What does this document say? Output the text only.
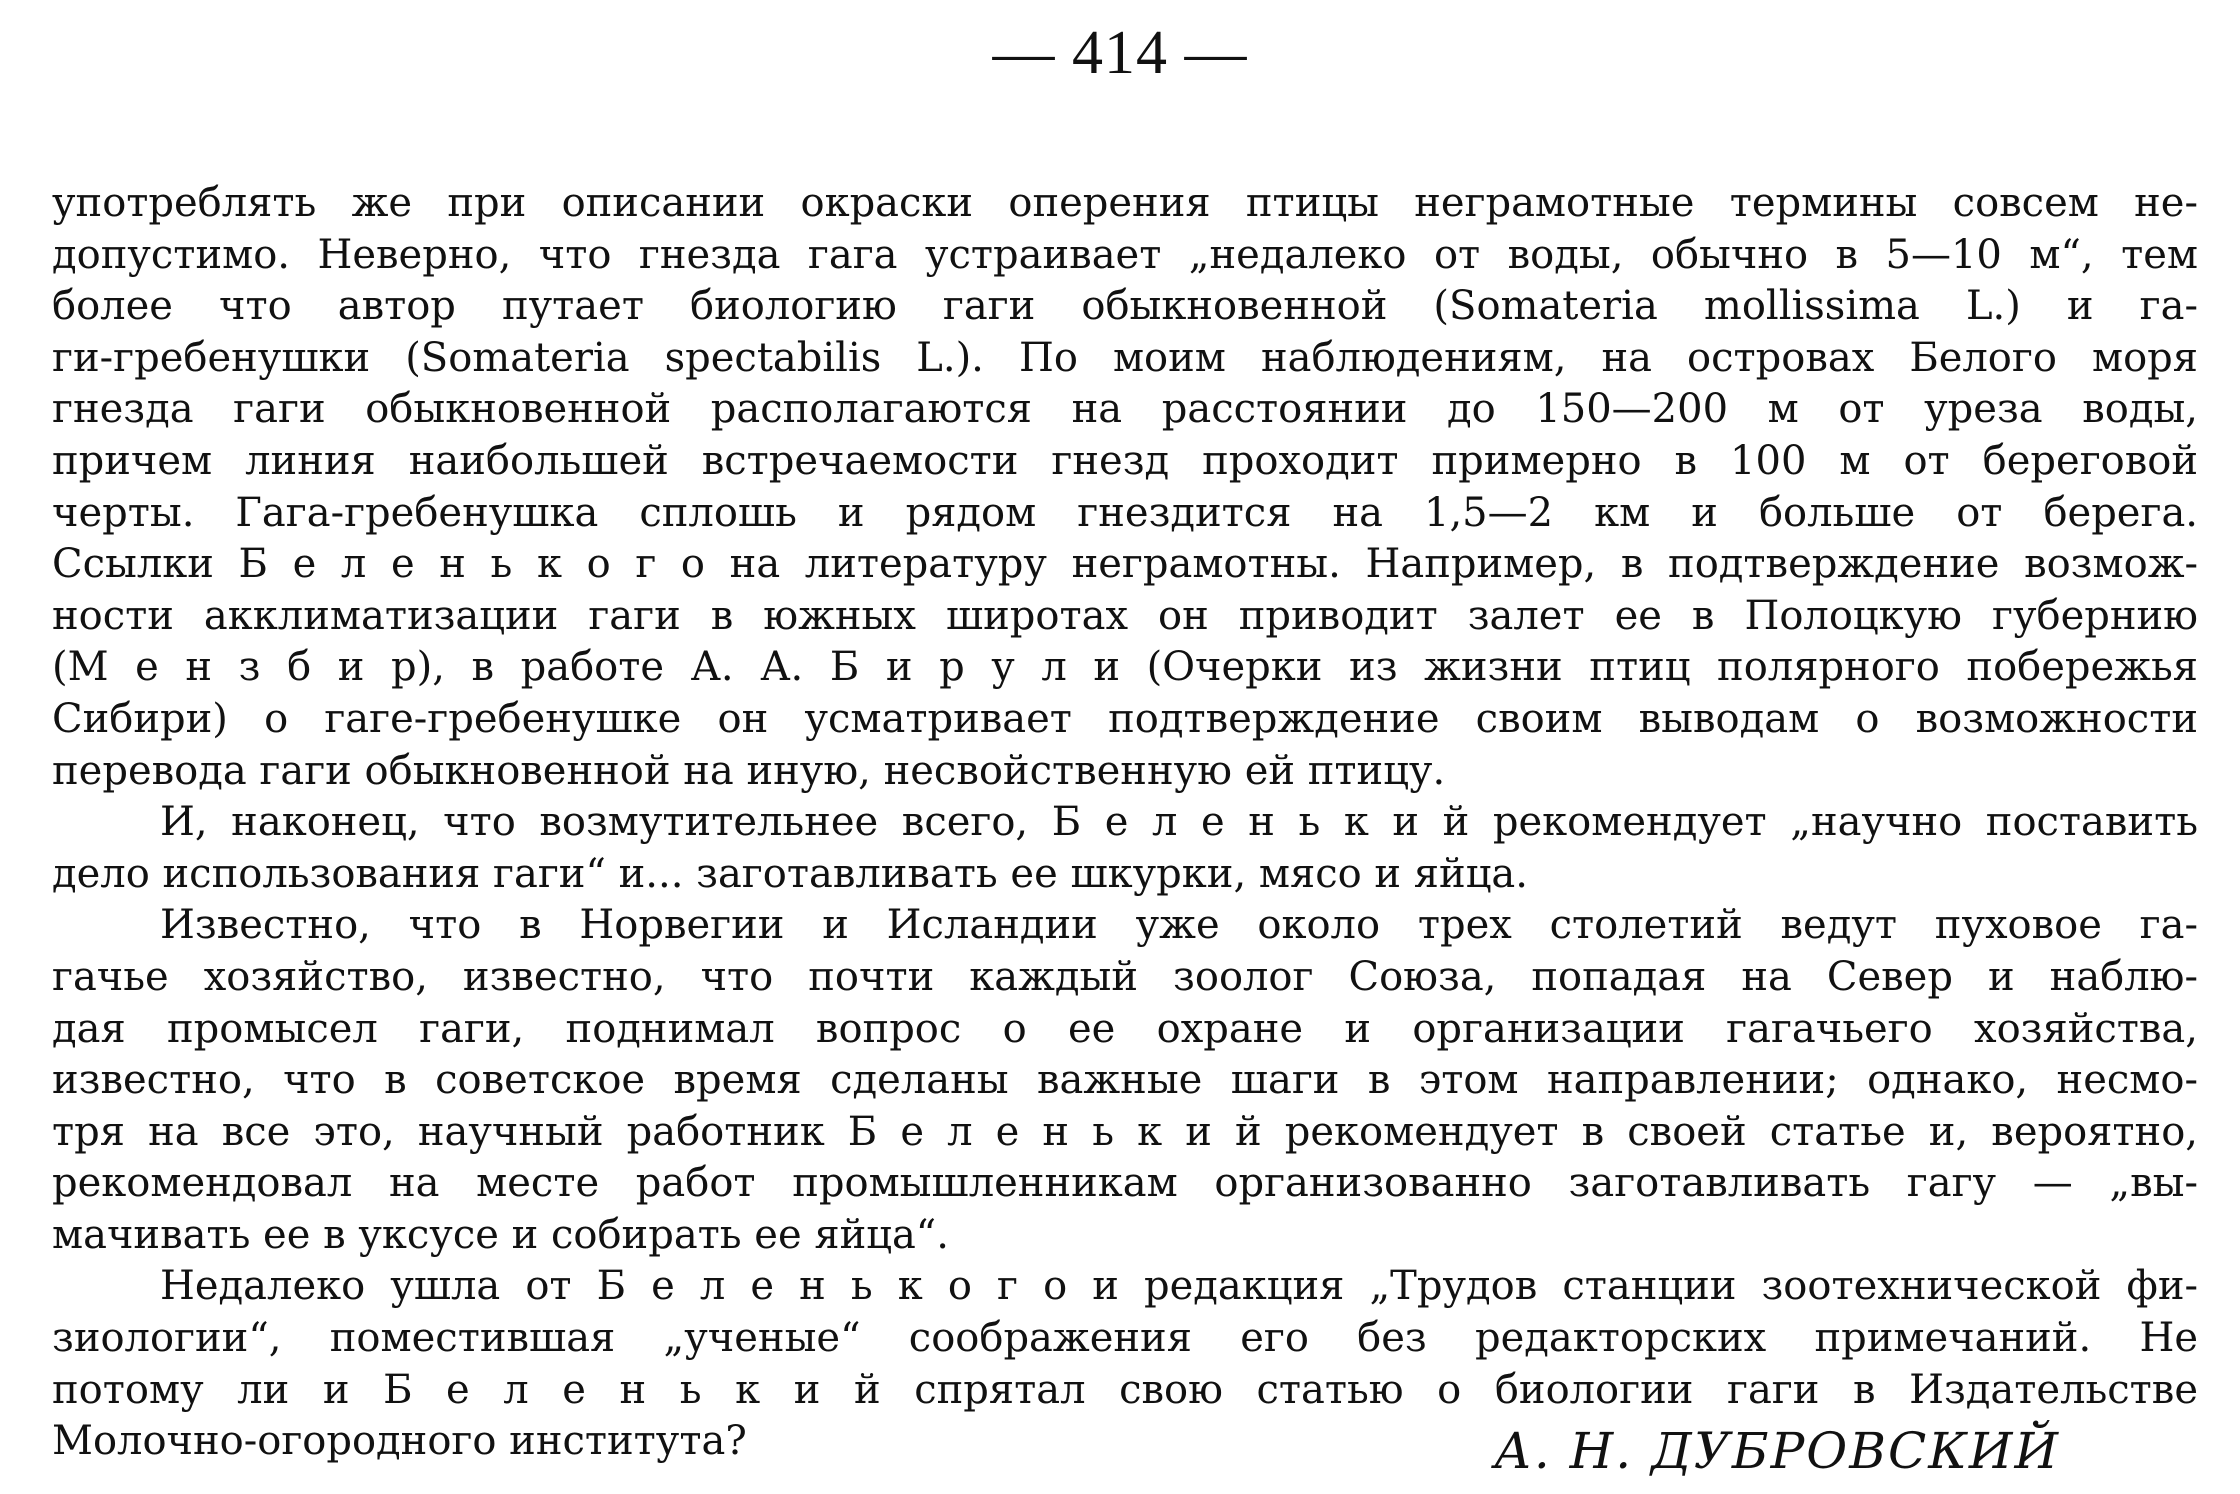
— 414 —
употреблять же при описании окраски оперения птицы неграмотные термины совсем не-
допустимо. Неверно, что гнезда гага устраивает „недалеко от воды, обычно в 5—10 м“, тем
более что автор путает биологию гаги обыкновенной (Somateria mollissima L.) и га-
ги-гребенушки (Somateria spectabilis L.). По моим наблюдениям, на островах Белого моря
гнезда гаги обыкновенной располагаются на расстоянии до 150—200 м от уреза воды,
причем линия наибольшей встречаемости гнезд проходит примерно в 100 м от береговой
черты. Гага-гребенушка сплошь и рядом гнездится на 1,5—2 км и больше от берега.
Ссылки Б е л е н ь к о г о на литературу неграмотны. Например, в подтверждение возмож-
ности акклиматизации гаги в южных широтах он приводит залет ее в Полоцкую губернию
(М е н з б и р), в работе А. А. Б и р у л и (Очерки из жизни птиц полярного побережья
Сибири) о гаге-гребенушке он усматривает подтверждение своим выводам о возможности
перевода гаги обыкновенной на иную, несвойственную ей птицу.
И, наконец, что возмутительнее всего, Б е л е н ь к и й рекомендует „научно поставить
дело использования гаги“ и... заготавливать ее шкурки, мясо и яйца.
Известно, что в Норвегии и Исландии уже около трех столетий ведут пуховое га-
гачье хозяйство, известно, что почти каждый зоолог Союза, попадая на Север и наблю-
дая промысел гаги, поднимал вопрос о ее охране и организации гагачьего хозяйства,
известно, что в советское время сделаны важные шаги в этом направлении; однако, несмо-
тря на все это, научный работник Б е л е н ь к и й рекомендует в своей статье и, вероятно,
рекомендовал на месте работ промышленникам организованно заготавливать гагу — „вы-
мачивать ее в уксусе и собирать ее яйца“.
Недалеко ушла от Б е л е н ь к о г о и редакция „Трудов станции зоотехнической фи-
зиологии“, поместившая „ученые“ соображения его без редакторских примечаний. Не
потому ли и Б е л е н ь к и й спрятал свою статью о биологии гаги в Издательстве
Молочно-огородного института?	А. Н. ДУБРОВСКИЙ
